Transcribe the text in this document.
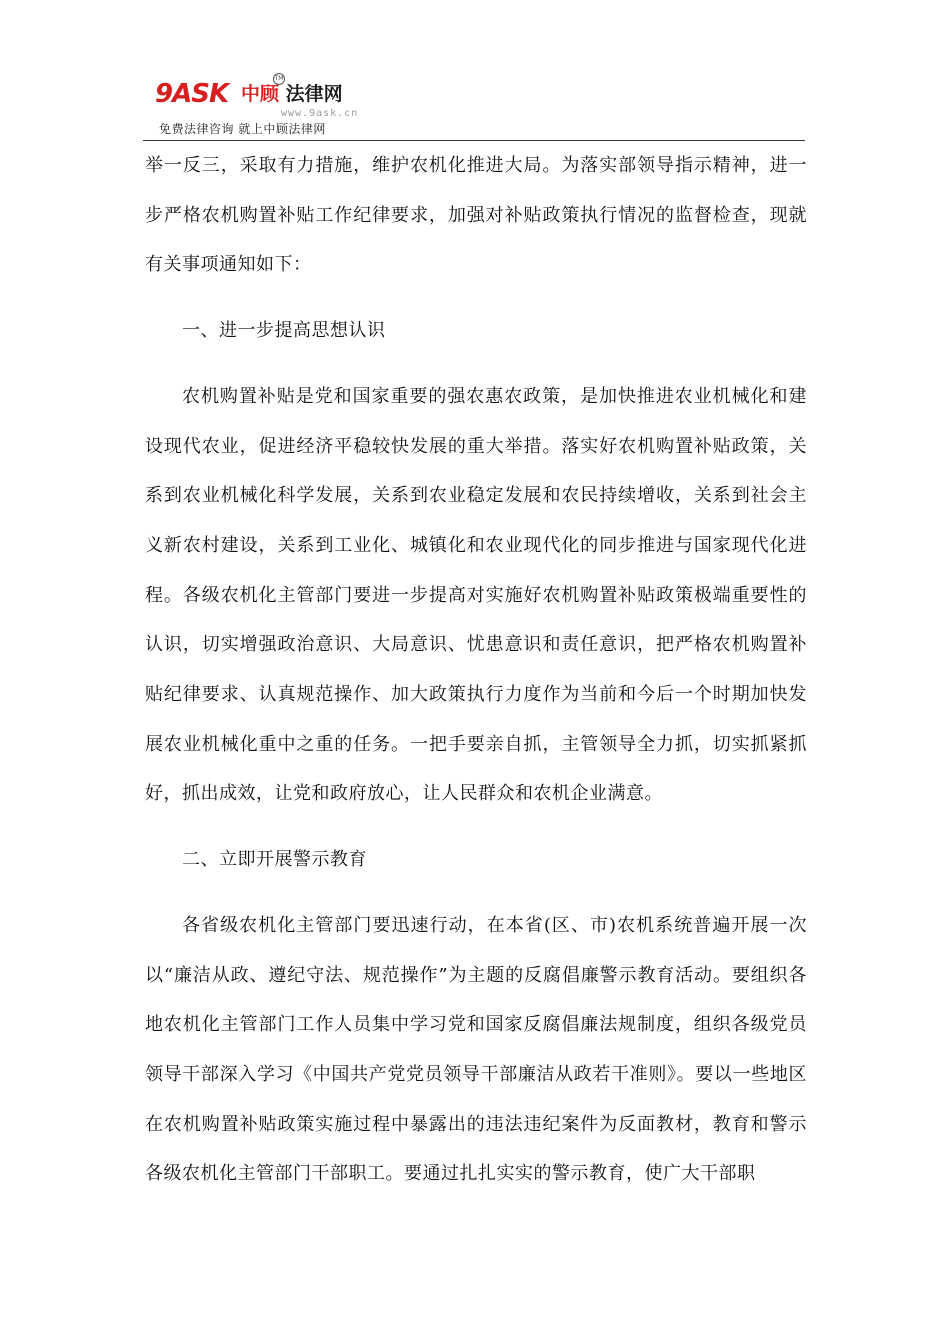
9ASK 中顾 法律网
TM
www.9ask.cn
免费法律咨询 就上中顾法律网

举一反三，采取有力措施，维护农机化推进大局。为落实部领导指示精神，进一步严格农机购置补贴工作纪律要求，加强对补贴政策执行情况的监督检查，现就有关事项通知如下：

一、进一步提高思想认识

农机购置补贴是党和国家重要的强农惠农政策，是加快推进农业机械化和建设现代农业，促进经济平稳较快发展的重大举措。落实好农机购置补贴政策，关系到农业机械化科学发展，关系到农业稳定发展和农民持续增收，关系到社会主义新农村建设，关系到工业化、城镇化和农业现代化的同步推进与国家现代化进程。各级农机化主管部门要进一步提高对实施好农机购置补贴政策极端重要性的认识，切实增强政治意识、大局意识、忧患意识和责任意识，把严格农机购置补贴纪律要求、认真规范操作、加大政策执行力度作为当前和今后一个时期加快发展农业机械化重中之重的任务。一把手要亲自抓，主管领导全力抓，切实抓紧抓好，抓出成效，让党和政府放心，让人民群众和农机企业满意。

二、立即开展警示教育

各省级农机化主管部门要迅速行动，在本省(区、市)农机系统普遍开展一次以“廉洁从政、遵纪守法、规范操作”为主题的反腐倡廉警示教育活动。要组织各地农机化主管部门工作人员集中学习党和国家反腐倡廉法规制度，组织各级党员领导干部深入学习《中国共产党党员领导干部廉洁从政若干准则》。要以一些地区在农机购置补贴政策实施过程中暴露出的违法违纪案件为反面教材，教育和警示各级农机化主管部门干部职工。要通过扎扎实实的警示教育，使广大干部职
